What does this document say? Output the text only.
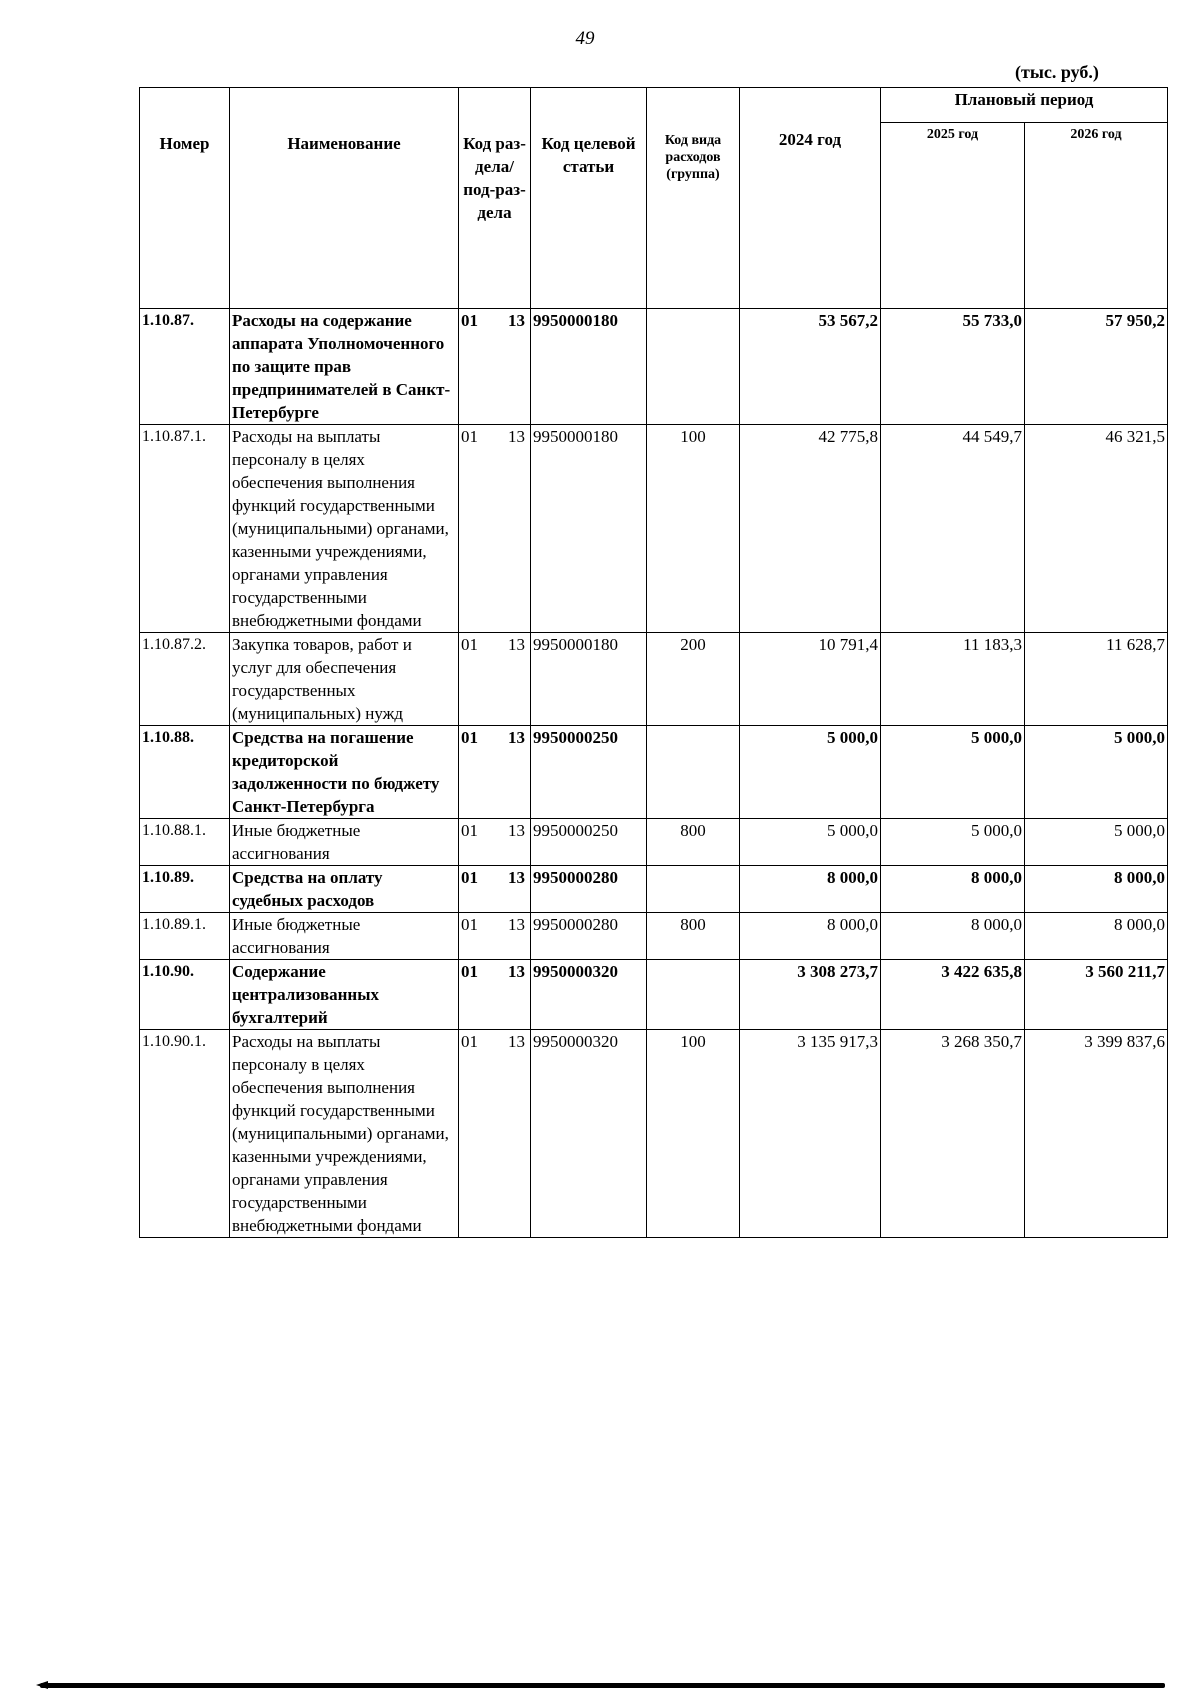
49
(тыс. руб.)
Номер	Наименование	Код раз-дела/ под-раз-дела	Код целевой статьи	Код вида расходов (группа)	2024 год	Плановый период	
						2025 год	2026 год
1.10.87.	Расходы на содержание аппарата Уполномоченного по защите прав предпринимателей в Санкт-Петербурге	01 13	9950000180		53 567,2	55 733,0	57 950,2
1.10.87.1.	Расходы на выплаты персоналу в целях обеспечения выполнения функций государственными (муниципальными) органами, казенными учреждениями, органами управления государственными внебюджетными фондами	01 13	9950000180	100	42 775,8	44 549,7	46 321,5
1.10.87.2.	Закупка товаров, работ и услуг для обеспечения государственных (муниципальных) нужд	01 13	9950000180	200	10 791,4	11 183,3	11 628,7
1.10.88.	Средства на погашение кредиторской задолженности по бюджету Санкт-Петербурга	01 13	9950000250		5 000,0	5 000,0	5 000,0
1.10.88.1.	Иные бюджетные ассигнования	01 13	9950000250	800	5 000,0	5 000,0	5 000,0
1.10.89.	Средства на оплату судебных расходов	01 13	9950000280		8 000,0	8 000,0	8 000,0
1.10.89.1.	Иные бюджетные ассигнования	01 13	9950000280	800	8 000,0	8 000,0	8 000,0
1.10.90.	Содержание централизованных бухгалтерий	01 13	9950000320		3 308 273,7	3 422 635,8	3 560 211,7
1.10.90.1.	Расходы на выплаты персоналу в целях обеспечения выполнения функций государственными (муниципальными) органами, казенными учреждениями, органами управления государственными внебюджетными фондами	01 13	9950000320	100	3 135 917,3	3 268 350,7	3 399 837,6
